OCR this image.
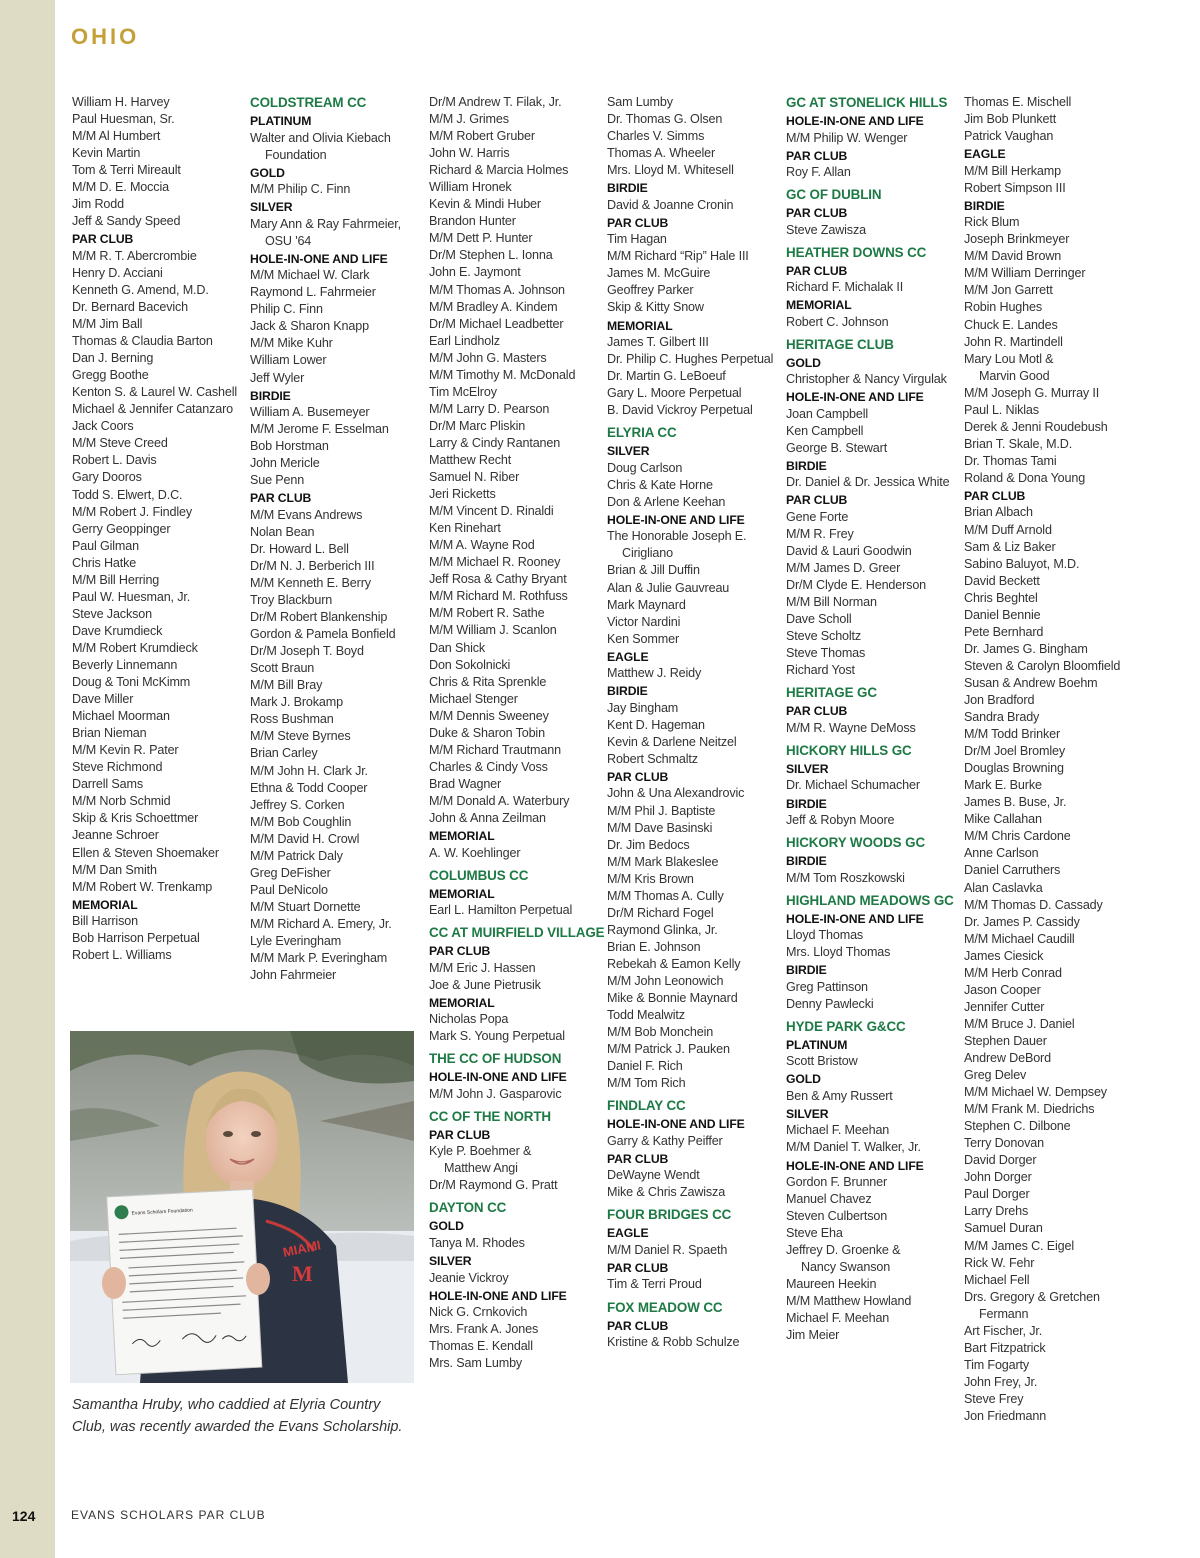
OHIO
William H. Harvey
Paul Huesman, Sr.
M/M Al Humbert
Kevin Martin
Tom & Terri Mireault
M/M D. E. Moccia
Jim Rodd
Jeff & Sandy Speed
PAR CLUB
M/M R. T. Abercrombie
Henry D. Acciani
Kenneth G. Amend, M.D.
Dr. Bernard Bacevich
M/M Jim Ball
Thomas & Claudia Barton
Dan J. Berning
Gregg Boothe
Kenton S. & Laurel W. Cashell
Michael & Jennifer Catanzaro
Jack Coors
M/M Steve Creed
Robert L. Davis
Gary Dooros
Todd S. Elwert, D.C.
M/M Robert J. Findley
Gerry Geoppinger
Paul Gilman
Chris Hatke
M/M Bill Herring
Paul W. Huesman, Jr.
Steve Jackson
Dave Krumdieck
M/M Robert Krumdieck
Beverly Linnemann
Doug & Toni McKimm
Dave Miller
Michael Moorman
Brian Nieman
M/M Kevin R. Pater
Steve Richmond
Darrell Sams
M/M Norb Schmid
Skip & Kris Schoettmer
Jeanne Schroer
Ellen & Steven Shoemaker
M/M Dan Smith
M/M Robert W. Trenkamp
MEMORIAL
Bill Harrison
Bob Harrison Perpetual
Robert L. Williams
COLDSTREAM CC
PLATINUM
Walter and Olivia Kiebach
Foundation
GOLD
M/M Philip C. Finn
SILVER
Mary Ann & Ray Fahrmeier,
OSU '64
HOLE-IN-ONE AND LIFE
M/M Michael W. Clark
Raymond L. Fahrmeier
Philip C. Finn
Jack & Sharon Knapp
M/M Mike Kuhr
William Lower
Jeff Wyler
BIRDIE
William A. Busemeyer
M/M Jerome F. Esselman
Bob Horstman
John Mericle
Sue Penn
PAR CLUB
M/M Evans Andrews
Nolan Bean
Dr. Howard L. Bell
Dr/M N. J. Berberich III
M/M Kenneth E. Berry
Troy Blackburn
Dr/M Robert Blankenship
Gordon & Pamela Bonfield
Dr/M Joseph T. Boyd
Scott Braun
M/M Bill Bray
Mark J. Brokamp
Ross Bushman
M/M Steve Byrnes
Brian Carley
M/M John H. Clark Jr.
Ethna & Todd Cooper
Jeffrey S. Corken
M/M Bob Coughlin
M/M David H. Crowl
M/M Patrick Daly
Greg DeFisher
Paul DeNicolo
M/M Stuart Dornette
M/M Richard A. Emery, Jr.
Lyle Everingham
M/M Mark P. Everingham
John Fahrmeier
Dr/M Andrew T. Filak, Jr.
M/M J. Grimes
M/M Robert Gruber
John W. Harris
Richard & Marcia Holmes
William Hronek
Kevin & Mindi Huber
Brandon Hunter
M/M Dett P. Hunter
Dr/M Stephen L. Ionna
John E. Jaymont
M/M Thomas A. Johnson
M/M Bradley A. Kindem
Dr/M Michael Leadbetter
Earl Lindholz
M/M John G. Masters
M/M Timothy M. McDonald
Tim McElroy
M/M Larry D. Pearson
Dr/M Marc Pliskin
Larry & Cindy Rantanen
Matthew Recht
Samuel N. Riber
Jeri Ricketts
M/M Vincent D. Rinaldi
Ken Rinehart
M/M A. Wayne Rod
M/M Michael R. Rooney
Jeff Rosa & Cathy Bryant
M/M Richard M. Rothfuss
M/M Robert R. Sathe
M/M William J. Scanlon
Dan Shick
Don Sokolnicki
Chris & Rita Sprenkle
Michael Stenger
M/M Dennis Sweeney
Duke & Sharon Tobin
M/M Richard Trautmann
Charles & Cindy Voss
Brad Wagner
M/M Donald A. Waterbury
John & Anna Zeilman
MEMORIAL
A. W. Koehlinger
COLUMBUS CC
MEMORIAL
Earl L. Hamilton Perpetual
CC AT MUIRFIELD VILLAGE
PAR CLUB
M/M Eric J. Hassen
Joe & June Pietrusik
MEMORIAL
Nicholas Popa
Mark S. Young Perpetual
THE CC OF HUDSON
HOLE-IN-ONE AND LIFE
M/M John J. Gasparovic
CC OF THE NORTH
PAR CLUB
Kyle P. Boehmer &
Matthew Angi
Dr/M Raymond G. Pratt
DAYTON CC
GOLD
Tanya M. Rhodes
SILVER
Jeanie Vickroy
HOLE-IN-ONE AND LIFE
Nick G. Crnkovich
Mrs. Frank A. Jones
Thomas E. Kendall
Mrs. Sam Lumby
Sam Lumby
Dr. Thomas G. Olsen
Charles V. Simms
Thomas A. Wheeler
Mrs. Lloyd M. Whitesell
BIRDIE
David & Joanne Cronin
PAR CLUB
Tim Hagan
M/M Richard “Rip” Hale III
James M. McGuire
Geoffrey Parker
Skip & Kitty Snow
MEMORIAL
James T. Gilbert III
Dr. Philip C. Hughes Perpetual
Dr. Martin G. LeBoeuf
Gary L. Moore Perpetual
B. David Vickroy Perpetual
ELYRIA CC
SILVER
Doug Carlson
Chris & Kate Horne
Don & Arlene Keehan
HOLE-IN-ONE AND LIFE
The Honorable Joseph E.
Cirigliano
Brian & Jill Duffin
Alan & Julie Gauvreau
Mark Maynard
Victor Nardini
Ken Sommer
EAGLE
Matthew J. Reidy
BIRDIE
Jay Bingham
Kent D. Hageman
Kevin & Darlene Neitzel
Robert Schmaltz
PAR CLUB
John & Una Alexandrovic
M/M Phil J. Baptiste
M/M Dave Basinski
Dr. Jim Bedocs
M/M Mark Blakeslee
M/M Kris Brown
M/M Thomas A. Cully
Dr/M Richard Fogel
Raymond Glinka, Jr.
Brian E. Johnson
Rebekah & Eamon Kelly
M/M John Leonowich
Mike & Bonnie Maynard
Todd Mealwitz
M/M Bob Monchein
M/M Patrick J. Pauken
Daniel F. Rich
M/M Tom Rich
FINDLAY CC
HOLE-IN-ONE AND LIFE
Garry & Kathy Peiffer
PAR CLUB
DeWayne Wendt
Mike & Chris Zawisza
FOUR BRIDGES CC
EAGLE
M/M Daniel R. Spaeth
PAR CLUB
Tim & Terri Proud
FOX MEADOW CC
PAR CLUB
Kristine & Robb Schulze
GC AT STONELICK HILLS
HOLE-IN-ONE AND LIFE
M/M Philip W. Wenger
PAR CLUB
Roy F. Allan
GC OF DUBLIN
PAR CLUB
Steve Zawisza
HEATHER DOWNS CC
PAR CLUB
Richard F. Michalak II
MEMORIAL
Robert C. Johnson
HERITAGE CLUB
GOLD
Christopher & Nancy Virgulak
HOLE-IN-ONE AND LIFE
Joan Campbell
Ken Campbell
George B. Stewart
BIRDIE
Dr. Daniel & Dr. Jessica White
PAR CLUB
Gene Forte
M/M R. Frey
David & Lauri Goodwin
M/M James D. Greer
Dr/M Clyde E. Henderson
M/M Bill Norman
Dave Scholl
Steve Scholtz
Steve Thomas
Richard Yost
HERITAGE GC
PAR CLUB
M/M R. Wayne DeMoss
HICKORY HILLS GC
SILVER
Dr. Michael Schumacher
BIRDIE
Jeff & Robyn Moore
HICKORY WOODS GC
BIRDIE
M/M Tom Roszkowski
HIGHLAND MEADOWS GC
HOLE-IN-ONE AND LIFE
Lloyd Thomas
Mrs. Lloyd Thomas
BIRDIE
Greg Pattinson
Denny Pawlecki
HYDE PARK G&CC
PLATINUM
Scott Bristow
GOLD
Ben & Amy Russert
SILVER
Michael F. Meehan
M/M Daniel T. Walker, Jr.
HOLE-IN-ONE AND LIFE
Gordon F. Brunner
Manuel Chavez
Steven Culbertson
Steve Eha
Jeffrey D. Groenke &
Nancy Swanson
Maureen Heekin
M/M Matthew Howland
Michael F. Meehan
Jim Meier
Thomas E. Mischell
Jim Bob Plunkett
Patrick Vaughan
EAGLE
M/M Bill Herkamp
Robert Simpson III
BIRDIE
Rick Blum
Joseph Brinkmeyer
M/M David Brown
M/M William Derringer
M/M Jon Garrett
Robin Hughes
Chuck E. Landes
John R. Martindell
Mary Lou Motl &
Marvin Good
M/M Joseph G. Murray II
Paul L. Niklas
Derek & Jenni Roudebush
Brian T. Skale, M.D.
Dr. Thomas Tami
Roland & Dona Young
PAR CLUB
Brian Albach
M/M Duff Arnold
Sam & Liz Baker
Sabino Baluyot, M.D.
David Beckett
Chris Beghtel
Daniel Bennie
Pete Bernhard
Dr. James G. Bingham
Steven & Carolyn Bloomfield
Susan & Andrew Boehm
Jon Bradford
Sandra Brady
M/M Todd Brinker
Dr/M Joel Bromley
Douglas Browning
Mark E. Burke
James B. Buse, Jr.
Mike Callahan
M/M Chris Cardone
Anne Carlson
Daniel Carruthers
Alan Caslavka
M/M Thomas D. Cassady
Dr. James P. Cassidy
M/M Michael Caudill
James Ciesick
M/M Herb Conrad
Jason Cooper
Jennifer Cutter
M/M Bruce J. Daniel
Stephen Dauer
Andrew DeBord
Greg Delev
M/M Michael W. Dempsey
M/M Frank M. Diedrichs
Stephen C. Dilbone
Terry Donovan
David Dorger
John Dorger
Paul Dorger
Larry Drehs
Samuel Duran
M/M James C. Eigel
Rick W. Fehr
Michael Fell
Drs. Gregory & Gretchen
Fermann
Art Fischer, Jr.
Bart Fitzpatrick
Tim Fogarty
John Frey, Jr.
Steve Frey
Jon Friedmann
MIAMI
M
Evans Scholars Foundation
Samantha Hruby, who caddied at Elyria Country
Club, was recently awarded the Evans Scholarship.
124	EVANS SCHOLARS PAR CLUB
